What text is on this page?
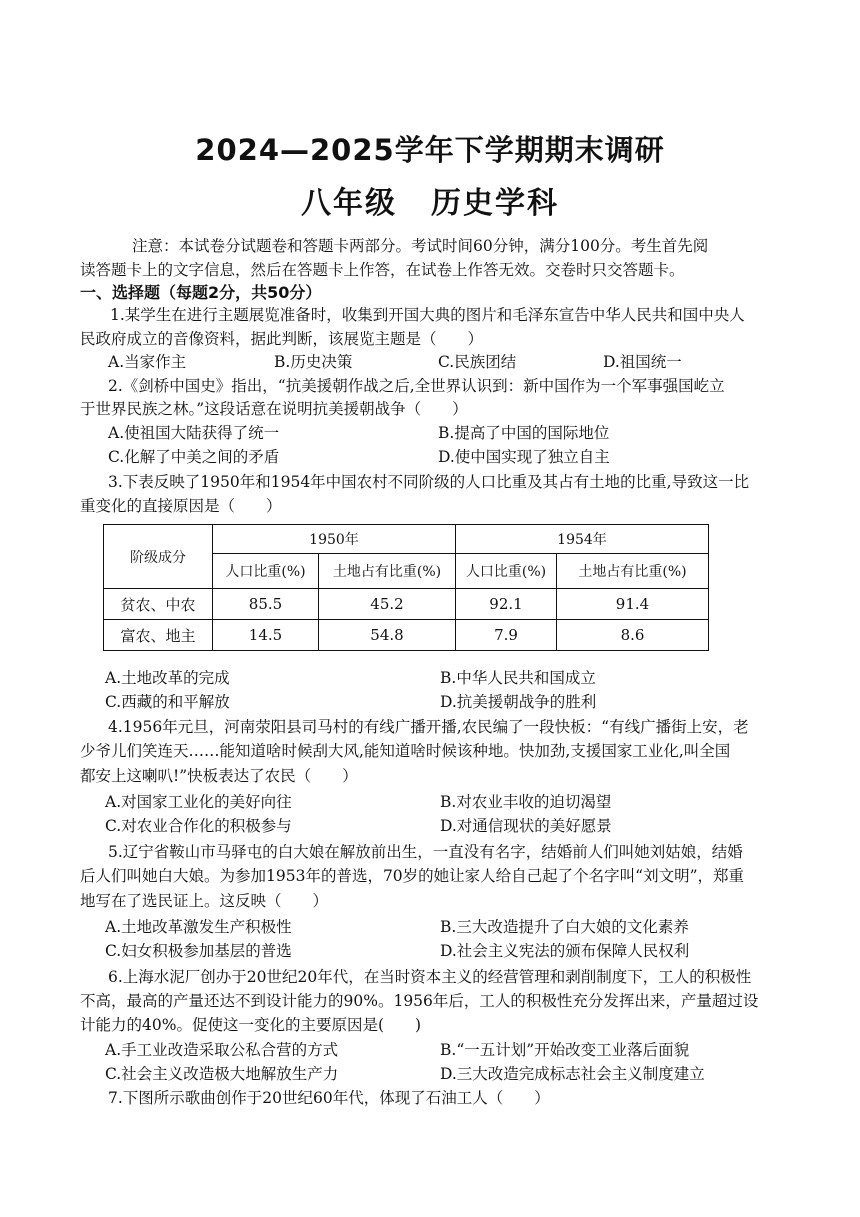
2024—2025学年下学期期末调研
八年级 历史学科
注意：本试卷分试题卷和答题卡两部分。考试时间60分钟，满分100分。考生首先阅
读答题卡上的文字信息，然后在答题卡上作答，在试卷上作答无效。交卷时只交答题卡。
一、选择题（每题2分，共50分）
1.某学生在进行主题展览准备时，收集到开国大典的图片和毛泽东宣告中华人民共和国中央人
民政府成立的音像资料，据此判断，该展览主题是（　　）
A.当家作主	B.历史决策	C.民族团结	D.祖国统一
2.《剑桥中国史》指出，“抗美援朝作战之后,全世界认识到：新中国作为一个军事强国屹立
于世界民族之林。”这段话意在说明抗美援朝战争（　　）
A.使祖国大陆获得了统一	B.提高了中国的国际地位
C.化解了中美之间的矛盾	D.使中国实现了独立自主
3.下表反映了1950年和1954年中国农村不同阶级的人口比重及其占有土地的比重,导致这一比
重变化的直接原因是（　　）
阶级成分	1950年		1954年	
	人口比重(%)	土地占有比重(%)	人口比重(%)	土地占有比重(%)
贫农、中农	85.5	45.2	92.1	91.4
富农、地主	14.5	54.8	7.9	8.6
A.土地改革的完成	B.中华人民共和国成立
C.西藏的和平解放	D.抗美援朝战争的胜利
4.1956年元旦，河南荥阳县司马村的有线广播开播,农民编了一段快板：“有线广播街上安，老
少爷儿们笑连天……能知道啥时候刮大风,能知道啥时候该种地。快加劲,支援国家工业化,叫全国
都安上这喇叭!”快板表达了农民（　　）
A.对国家工业化的美好向往	B.对农业丰收的迫切渴望
C.对农业合作化的积极参与	D.对通信现状的美好愿景
5.辽宁省鞍山市马驿屯的白大娘在解放前出生，一直没有名字，结婚前人们叫她刘姑娘，结婚
后人们叫她白大娘。为参加1953年的普选，70岁的她让家人给自己起了个名字叫“刘文明”，郑重
地写在了选民证上。这反映（　　）
A.土地改革激发生产积极性	B.三大改造提升了白大娘的文化素养
C.妇女积极参加基层的普选	D.社会主义宪法的颁布保障人民权利
6.上海水泥厂创办于20世纪20年代，在当时资本主义的经营管理和剥削制度下，工人的积极性
不高，最高的产量还达不到设计能力的90%。1956年后，工人的积极性充分发挥出来，产量超过设
计能力的40%。促使这一变化的主要原因是(　　)
A.手工业改造采取公私合营的方式	B.“一五计划”开始改变工业落后面貌
C.社会主义改造极大地解放生产力	D.三大改造完成标志社会主义制度建立
7.下图所示歌曲创作于20世纪60年代，体现了石油工人（　　）
